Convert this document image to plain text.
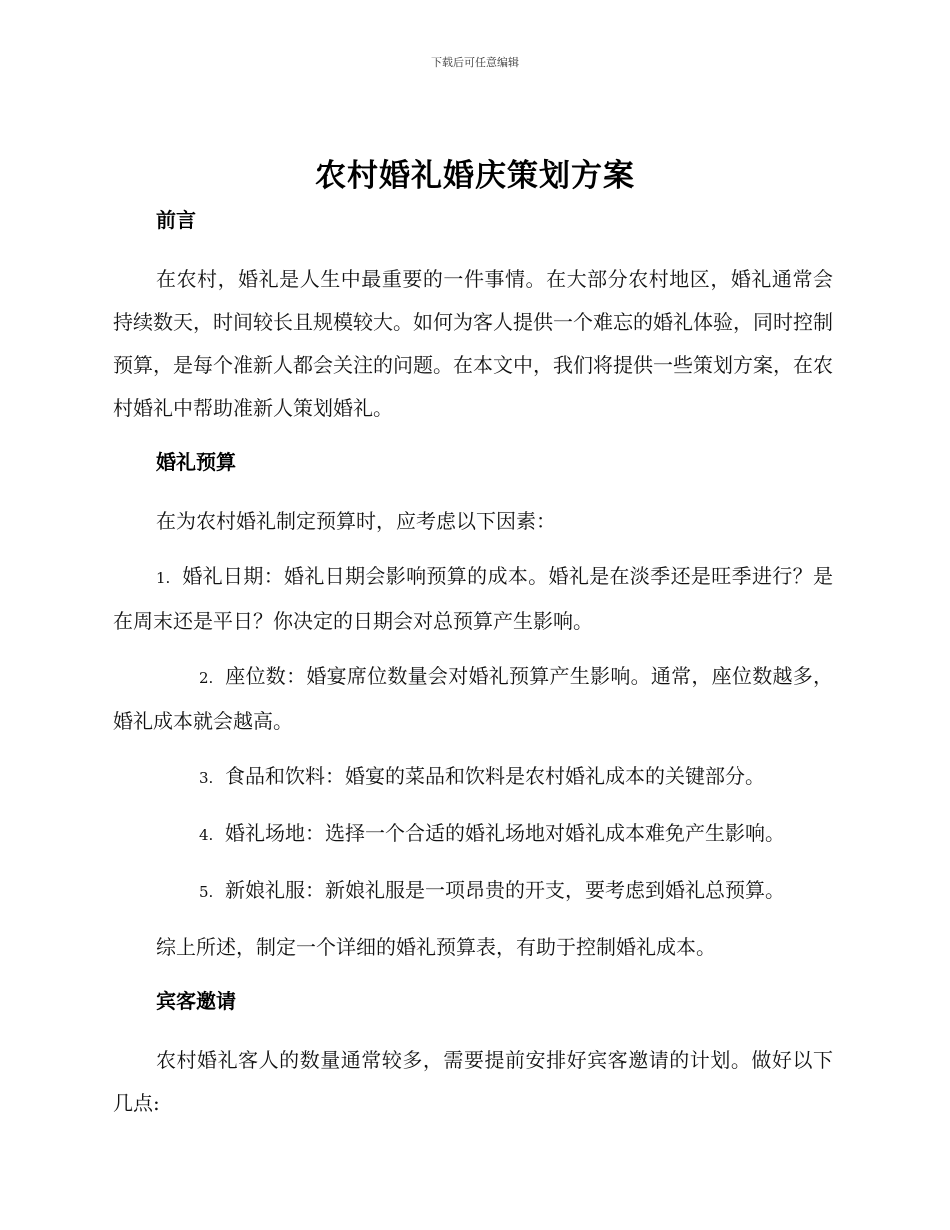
下载后可任意编辑
农村婚礼婚庆策划方案
前言

在农村，婚礼是人生中最重要的一件事情。在大部分农村地区，婚礼通常会持续数天，时间较长且规模较大。如何为客人提供一个难忘的婚礼体验，同时控制预算，是每个准新人都会关注的问题。在本文中，我们将提供一些策划方案，在农村婚礼中帮助准新人策划婚礼。

婚礼预算

在为农村婚礼制定预算时，应考虑以下因素：

1. 婚礼日期：婚礼日期会影响预算的成本。婚礼是在淡季还是旺季进行？是在周末还是平日？你决定的日期会对总预算产生影响。

2. 座位数：婚宴席位数量会对婚礼预算产生影响。通常，座位数越多，婚礼成本就会越高。

3. 食品和饮料：婚宴的菜品和饮料是农村婚礼成本的关键部分。

4. 婚礼场地：选择一个合适的婚礼场地对婚礼成本难免产生影响。

5. 新娘礼服：新娘礼服是一项昂贵的开支，要考虑到婚礼总预算。

综上所述，制定一个详细的婚礼预算表，有助于控制婚礼成本。

宾客邀请

农村婚礼客人的数量通常较多，需要提前安排好宾客邀请的计划。做好以下几点:
